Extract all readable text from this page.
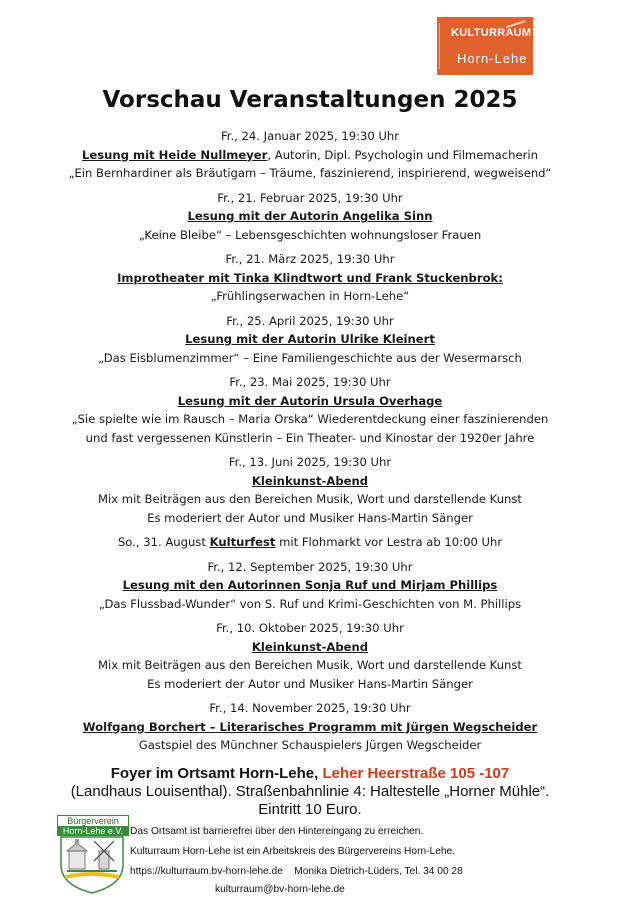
KULTURRAUM
Horn-Lehe
Vorschau Veranstaltungen 2025
Fr., 24. Januar 2025, 19:30 Uhr
Lesung mit Heide Nullmeyer, Autorin, Dipl. Psychologin und Filmemacherin
„Ein Bernhardiner als Bräutigam – Träume, faszinierend, inspirierend, wegweisend“
Fr., 21. Februar 2025, 19:30 Uhr
Lesung mit der Autorin Angelika Sinn
„Keine Bleibe“ – Lebensgeschichten wohnungsloser Frauen
Fr., 21. März 2025, 19:30 Uhr
Improtheater mit Tinka Klindtwort und Frank Stuckenbrok:
„Frühlingserwachen in Horn-Lehe“
Fr., 25. April 2025, 19:30 Uhr
Lesung mit der Autorin Ulrike Kleinert
„Das Eisblumenzimmer“ – Eine Familiengeschichte aus der Wesermarsch
Fr., 23. Mai 2025, 19:30 Uhr
Lesung mit der Autorin Ursula Overhage
„Sie spielte wie im Rausch – Maria Orska“ Wiederentdeckung einer faszinierenden
und fast vergessenen Künstlerin – Ein Theater- und Kinostar der 1920er Jahre
Fr., 13. Juni 2025, 19:30 Uhr
Kleinkunst-Abend
Mix mit Beiträgen aus den Bereichen Musik, Wort und darstellende Kunst
Es moderiert der Autor und Musiker Hans-Martin Sänger
So., 31. August Kulturfest mit Flohmarkt vor Lestra ab 10:00 Uhr
Fr., 12. September 2025, 19:30 Uhr
Lesung mit den Autorinnen Sonja Ruf und Mirjam Phillips
„Das Flussbad-Wunder“ von S. Ruf und Krimi-Geschichten von M. Phillips
Fr., 10. Oktober 2025, 19:30 Uhr
Kleinkunst-Abend
Mix mit Beiträgen aus den Bereichen Musik, Wort und darstellende Kunst
Es moderiert der Autor und Musiker Hans-Martin Sänger
Fr., 14. November 2025, 19:30 Uhr
Wolfgang Borchert – Literarisches Programm mit Jürgen Wegscheider
Gastspiel des Münchner Schauspielers Jürgen Wegscheider
Foyer im Ortsamt Horn-Lehe, Leher Heerstraße 105 -107
(Landhaus Louisenthal). Straßenbahnlinie 4: Haltestelle „Horner Mühle“.
Eintritt 10 Euro.
Bürgerverein
Horn-Lehe e.V. Das Ortsamt ist barrierefrei über den Hintereingang zu erreichen.
Kulturraum Horn-Lehe ist ein Arbeitskreis des Bürgervereins Horn-Lehe.
https://kulturraum.bv-horn-lehe.de    Monika Dietrich-Lüders, Tel. 34 00 28
kulturraum@bv-horn-lehe.de
